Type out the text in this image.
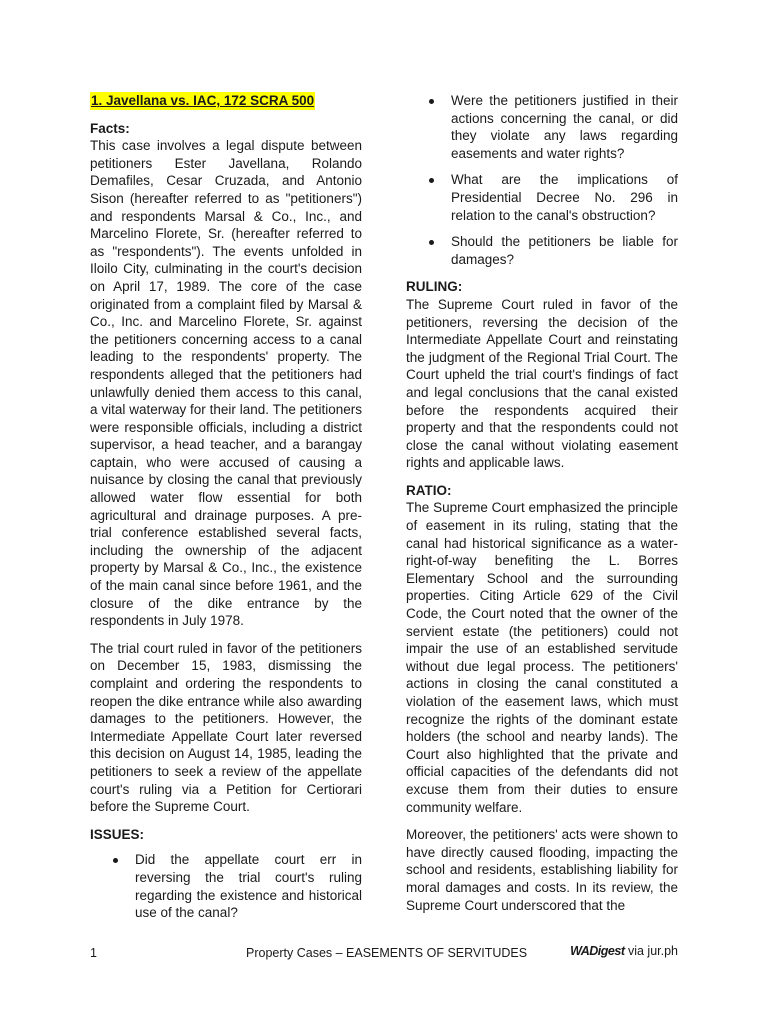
1. Javellana vs. IAC, 172 SCRA 500
Facts:

This case involves a legal dispute between petitioners Ester Javellana, Rolando Demafiles, Cesar Cruzada, and Antonio Sison (hereafter referred to as "petitioners") and respondents Marsal & Co., Inc., and Marcelino Florete, Sr. (hereafter referred to as "respondents"). The events unfolded in Iloilo City, culminating in the court's decision on April 17, 1989. The core of the case originated from a complaint filed by Marsal & Co., Inc. and Marcelino Florete, Sr. against the petitioners concerning access to a canal leading to the respondents' property. The respondents alleged that the petitioners had unlawfully denied them access to this canal, a vital waterway for their land. The petitioners were responsible officials, including a district supervisor, a head teacher, and a barangay captain, who were accused of causing a nuisance by closing the canal that previously allowed water flow essential for both agricultural and drainage purposes. A pre-trial conference established several facts, including the ownership of the adjacent property by Marsal & Co., Inc., the existence of the main canal since before 1961, and the closure of the dike entrance by the respondents in July 1978.

The trial court ruled in favor of the petitioners on December 15, 1983, dismissing the complaint and ordering the respondents to reopen the dike entrance while also awarding damages to the petitioners. However, the Intermediate Appellate Court later reversed this decision on August 14, 1985, leading the petitioners to seek a review of the appellate court's ruling via a Petition for Certiorari before the Supreme Court.

ISSUES:
Did the appellate court err in reversing the trial court's ruling regarding the existence and historical use of the canal?
Were the petitioners justified in their actions concerning the canal, or did they violate any laws regarding easements and water rights?
What are the implications of Presidential Decree No. 296 in relation to the canal's obstruction?
Should the petitioners be liable for damages?
RULING:

The Supreme Court ruled in favor of the petitioners, reversing the decision of the Intermediate Appellate Court and reinstating the judgment of the Regional Trial Court. The Court upheld the trial court's findings of fact and legal conclusions that the canal existed before the respondents acquired their property and that the respondents could not close the canal without violating easement rights and applicable laws.

RATIO:

The Supreme Court emphasized the principle of easement in its ruling, stating that the canal had historical significance as a water-right-of-way benefiting the L. Borres Elementary School and the surrounding properties. Citing Article 629 of the Civil Code, the Court noted that the owner of the servient estate (the petitioners) could not impair the use of an established servitude without due legal process. The petitioners' actions in closing the canal constituted a violation of the easement laws, which must recognize the rights of the dominant estate holders (the school and nearby lands). The Court also highlighted that the private and official capacities of the defendants did not excuse them from their duties to ensure community welfare.

Moreover, the petitioners' acts were shown to have directly caused flooding, impacting the school and residents, establishing liability for moral damages and costs. In its review, the Supreme Court underscored that the

1	Property Cases – EASEMENTS OF SERVITUDES	WADigest via jur.ph
